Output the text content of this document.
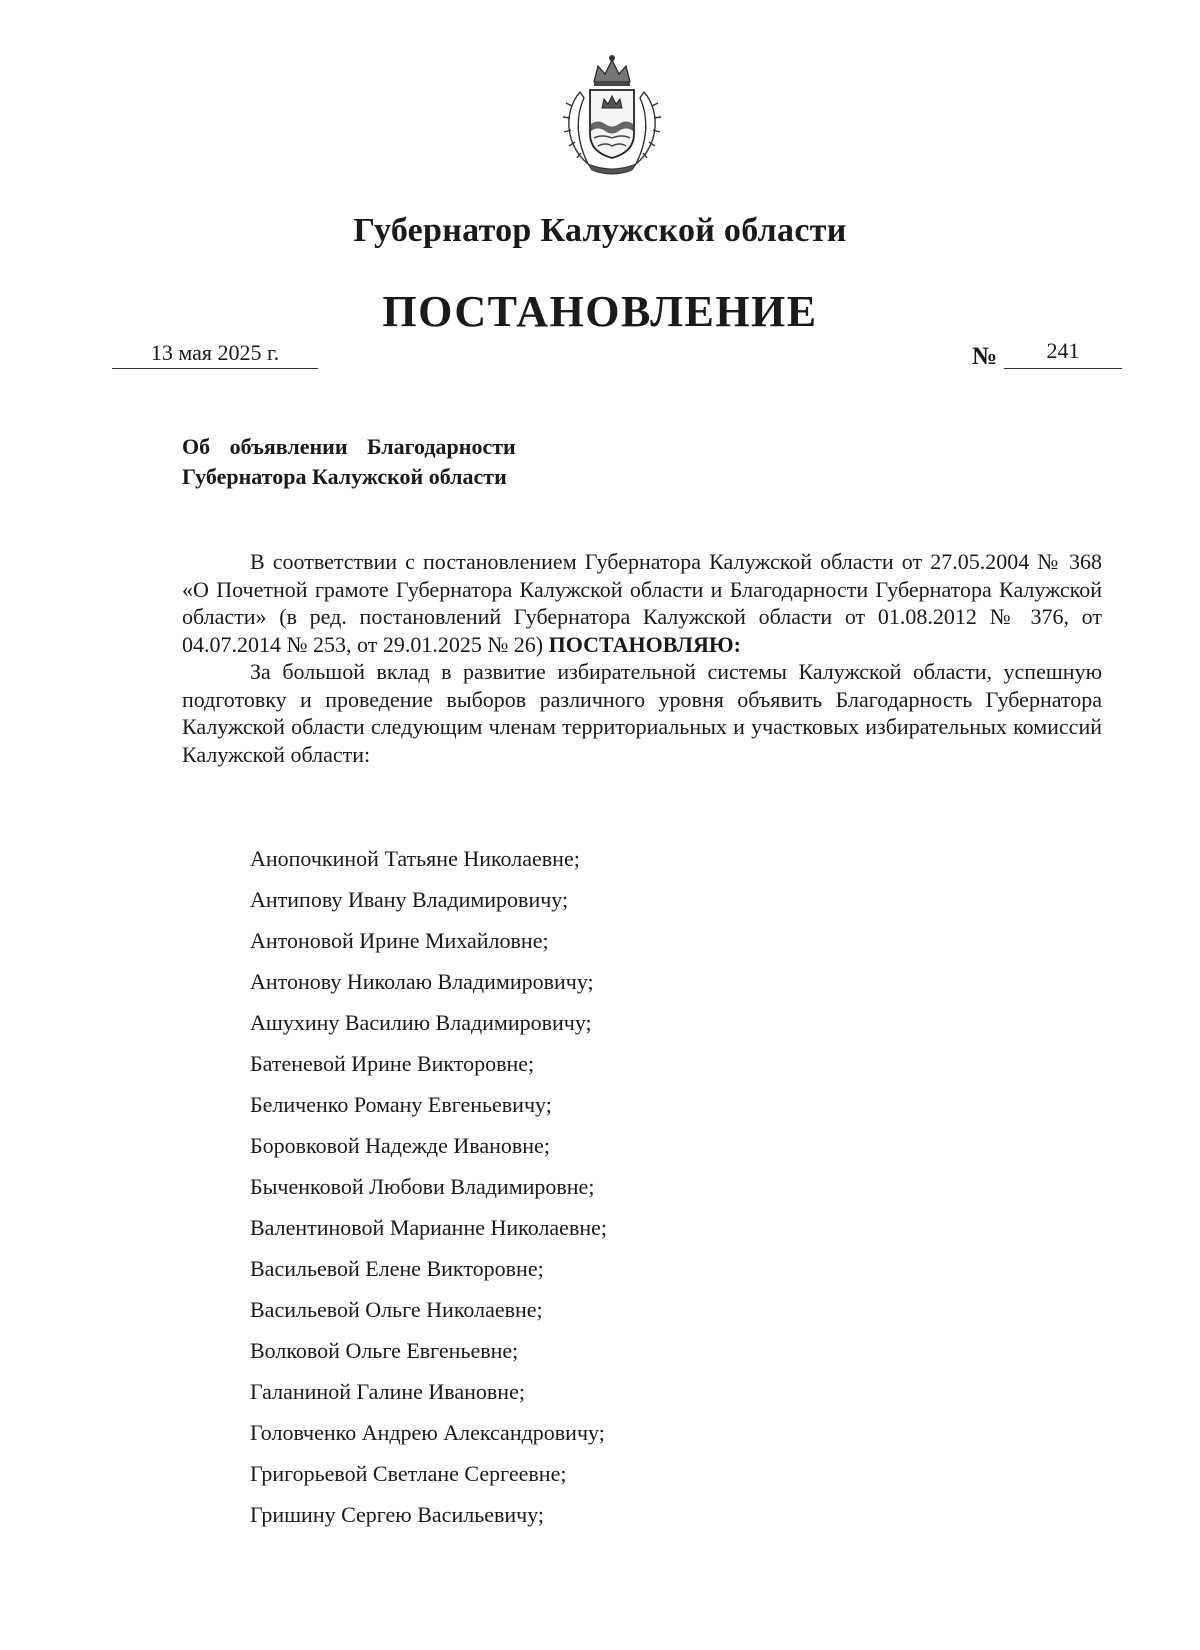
Губернатор Калужской области
ПОСТАНОВЛЕНИЕ
13 мая 2025 г.	№	241
Об объявлении Благодарности
Губернатора Калужской области

В соответствии с постановлением Губернатора Калужской области от 27.05.2004 № 368 «О Почетной грамоте Губернатора Калужской области и Благодарности Губернатора Калужской области» (в ред. постановлений Губернатора Калужской области от 01.08.2012 № 376, от 04.07.2014 № 253, от 29.01.2025 № 26) ПОСТАНОВЛЯЮ:

За большой вклад в развитие избирательной системы Калужской области, успешную подготовку и проведение выборов различного уровня объявить Благодарность Губернатора Калужской области следующим членам территориальных и участковых избирательных комиссий Калужской области:

Анопочкиной Татьяне Николаевне;
Антипову Ивану Владимировичу;
Антоновой Ирине Михайловне;
Антонову Николаю Владимировичу;
Ашухину Василию Владимировичу;
Батеневой Ирине Викторовне;
Беличенко Роману Евгеньевичу;
Боровковой Надежде Ивановне;
Быченковой Любови Владимировне;
Валентиновой Марианне Николаевне;
Васильевой Елене Викторовне;
Васильевой Ольге Николаевне;
Волковой Ольге Евгеньевне;
Галаниной Галине Ивановне;
Головченко Андрею Александровичу;
Григорьевой Светлане Сергеевне;
Гришину Сергею Васильевичу;
